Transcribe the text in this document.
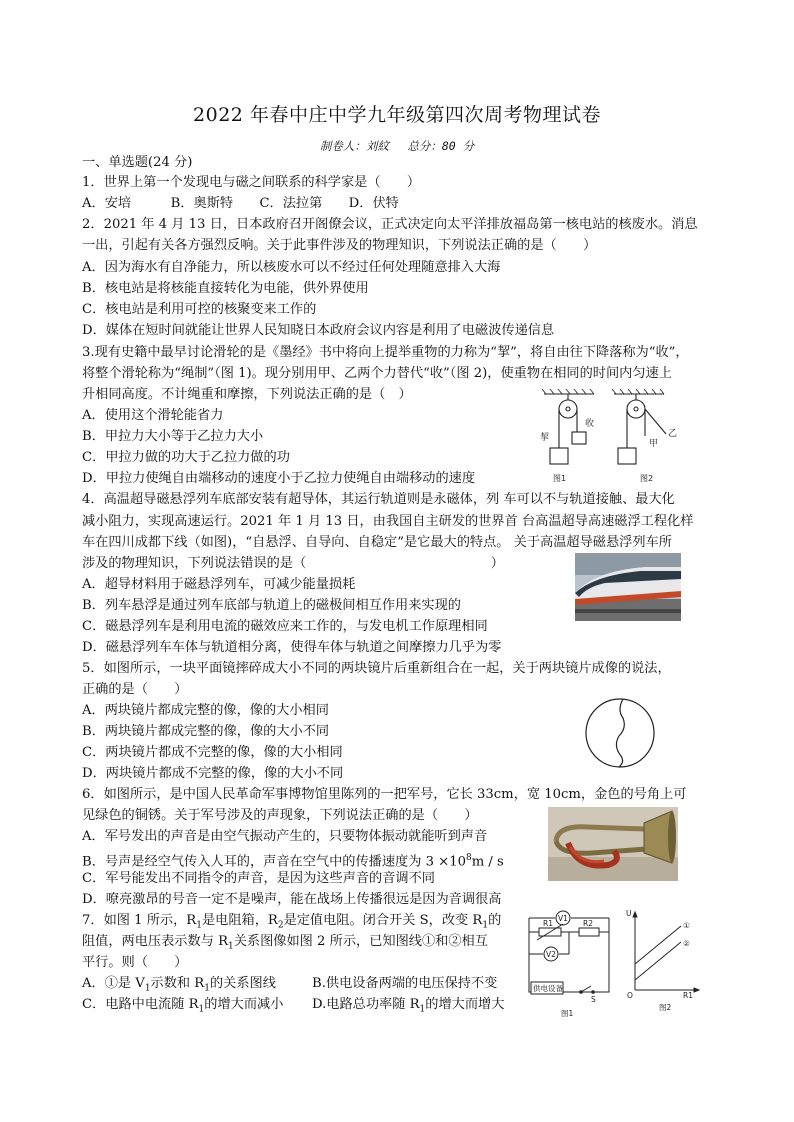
2022 年春中庄中学九年级第四次周考物理试卷
制卷人：刘紋　 总分：80 分
一、单选题(24 分)
1．世界上第一个发现电与磁之间联系的科学家是（　　）
A．安培　　　B．奥斯特　　C．法拉第　　D．伏特
2．2021 年 4 月 13 日，日本政府召开阁僚会议，正式决定向太平洋排放福岛第一核电站的核废水。消息
一出，引起有关各方强烈反响。关于此事件涉及的物理知识，下列说法正确的是（　　）
A．因为海水有自净能力，所以核废水可以不经过任何处理随意排入大海
B．核电站是将核能直接转化为电能，供外界使用
C．核电站是利用可控的核聚变来工作的
D．媒体在短时间就能让世界人民知晓日本政府会议内容是利用了电磁波传递信息
3.现有史籍中最早讨论滑轮的是《墨经》书中将向上提举重物的力称为“挈”，将自由往下降落称为“收”，
将整个滑轮称为“绳制”（图 1)。现分别用甲、乙两个力替代“收”（图 2)，使重物在相同的时间内匀速上
升相同高度。不计绳重和摩擦，下列说法正确的是（　）
A．使用这个滑轮能省力
B．甲拉力大小等于乙拉力大小
C．甲拉力做的功大于乙拉力做的功
D．甲拉力使绳自由端移动的速度小于乙拉力使绳自由端移动的速度
挈
收
甲
乙
图1	图2
4．高温超导磁悬浮列车底部安装有超导体，其运行轨道则是永磁体，列 车可以不与轨道接触、最大化
减小阻力，实现高速运行。2021 年 1 月 13 日，由我国自主研发的世界首 台高温超导高速磁浮工程化样
车在四川成都下线（如图)，“自悬浮、自导向、自稳定”是它最大的特点。 关于高温超导磁悬浮列车所
涉及的物理知识，下列说法错误的是（　　　　　　　　　　　　　　）
A．超导材料用于磁悬浮列车，可减少能量损耗
B．列车悬浮是通过列车底部与轨道上的磁极间相互作用来实现的
C．磁悬浮列车是利用电流的磁效应来工作的，与发电机工作原理相同
D．磁悬浮列车车体与轨道相分离，使得车体与轨道之间摩擦力几乎为零
5．如图所示，一块平面镜摔碎成大小不同的两块镜片后重新组合在一起，关于两块镜片成像的说法，
正确的是（　　）
A．两块镜片都成完整的像，像的大小相同
B．两块镜片都成完整的像，像的大小不同
C．两块镜片都成不完整的像，像的大小相同
D．两块镜片都成不完整的像，像的大小不同
6．如图所示，是中国人民革命军事博物馆里陈列的一把军号，它长 33cm，宽 10cm，金色的号角上可
见绿色的铜锈。关于军号涉及的声现象，下列说法正确的是（　　）
A．军号发出的声音是由空气振动产生的，只要物体振动就能听到声音
B．号声是经空气传入人耳的，声音在空气中的传播速度为 $3 \times 10^8m / s$
C．军号能发出不同指令的声音，是因为这些声音的音调不同
D．嘹亮激昂的号音一定不是噪声，能在战场上传播很远是因为音调很高
7．如图 1 所示，$R_1$是电阻箱，$R_2$是定值电阻。闭合开关 S，改变 $R_1$的
阻值，两电压表示数与 $R_1$关系图像如图 2 所示，已知图线①和②相互
平行。则（　　）
A．①是 $V_1$示数和 $R_1$的关系图线	B.供电设备两端的电压保持不变
C．电路中电流随 $R_1$的增大而减小 D.电路总功率随 $R_1$的增大而增大
V1
V2
R1	R2
供电设备
S
图1
图2
U
O	R1
①
②
